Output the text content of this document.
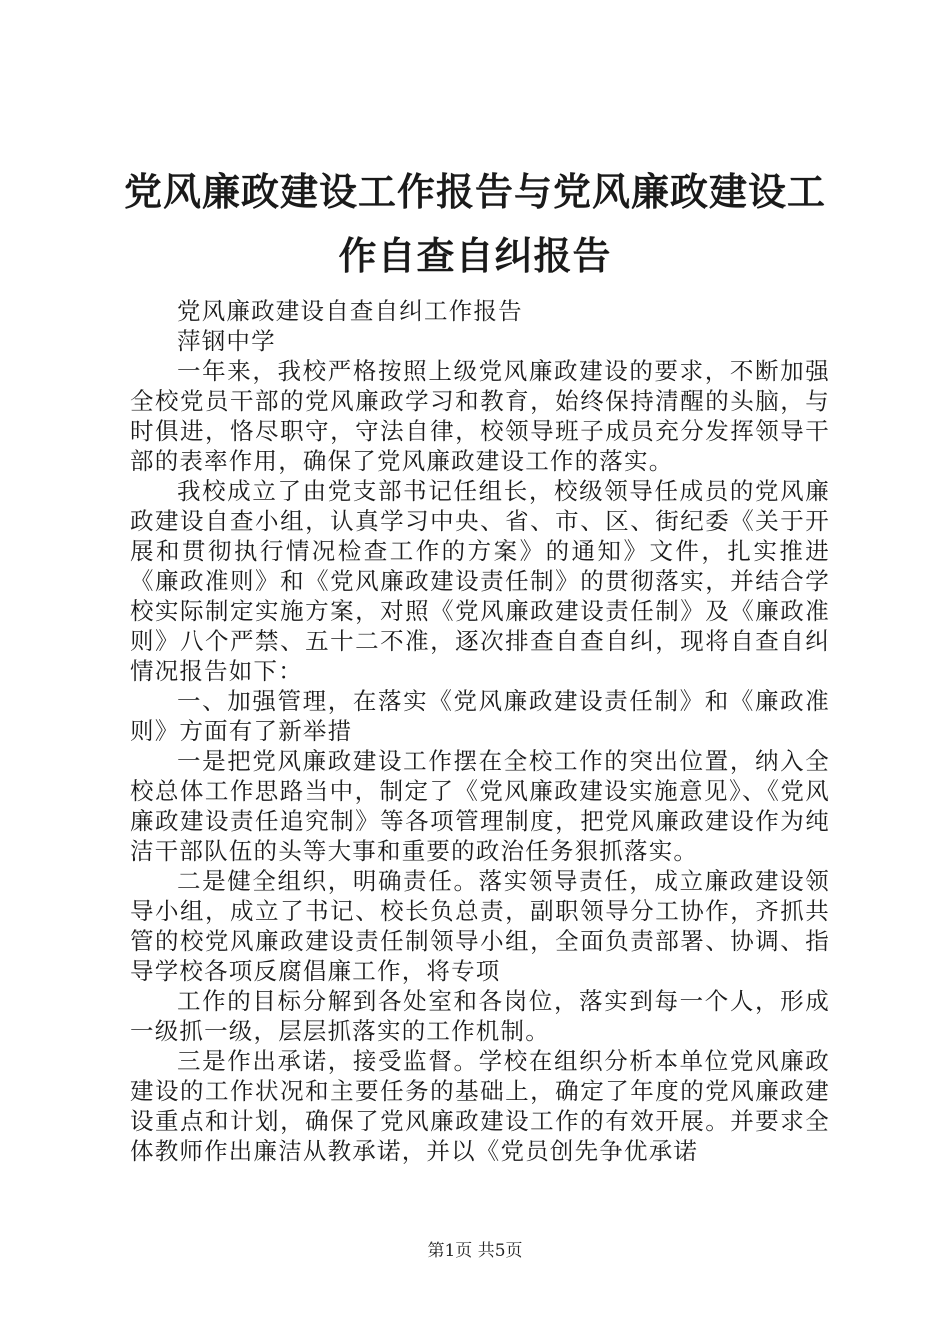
党风廉政建设工作报告与党风廉政建设工作自查自纠报告

党风廉政建设自查自纠工作报告

萍钢中学

一年来，我校严格按照上级党风廉政建设的要求，不断加强全校党员干部的党风廉政学习和教育，始终保持清醒的头脑，与时俱进，恪尽职守，守法自律，校领导班子成员充分发挥领导干部的表率作用，确保了党风廉政建设工作的落实。

我校成立了由党支部书记任组长，校级领导任成员的党风廉政建设自查小组，认真学习中央、省、市、区、街纪委《关于开展和贯彻执行情况检查工作的方案》的通知》文件，扎实推进《廉政准则》和《党风廉政建设责任制》的贯彻落实，并结合学校实际制定实施方案，对照《党风廉政建设责任制》及《廉政准则》八个严禁、五十二不准，逐次排查自查自纠，现将自查自纠情况报告如下：

一、加强管理，在落实《党风廉政建设责任制》和《廉政准则》方面有了新举措

一是把党风廉政建设工作摆在全校工作的突出位置，纳入全校总体工作思路当中，制定了《党风廉政建设实施意见》、《党风廉政建设责任追究制》等各项管理制度，把党风廉政建设作为纯洁干部队伍的头等大事和重要的政治任务狠抓落实。

二是健全组织，明确责任。落实领导责任，成立廉政建设领导小组，成立了书记、校长负总责，副职领导分工协作，齐抓共管的校党风廉政建设责任制领导小组，全面负责部署、协调、指导学校各项反腐倡廉工作，将专项

工作的目标分解到各处室和各岗位，落实到每一个人，形成一级抓一级，层层抓落实的工作机制。

三是作出承诺，接受监督。学校在组织分析本单位党风廉政建设的工作状况和主要任务的基础上，确定了年度的党风廉政建设重点和计划，确保了党风廉政建设工作的有效开展。并要求全体教师作出廉洁从教承诺，并以《党员创先争优承诺

第1页 共5页
